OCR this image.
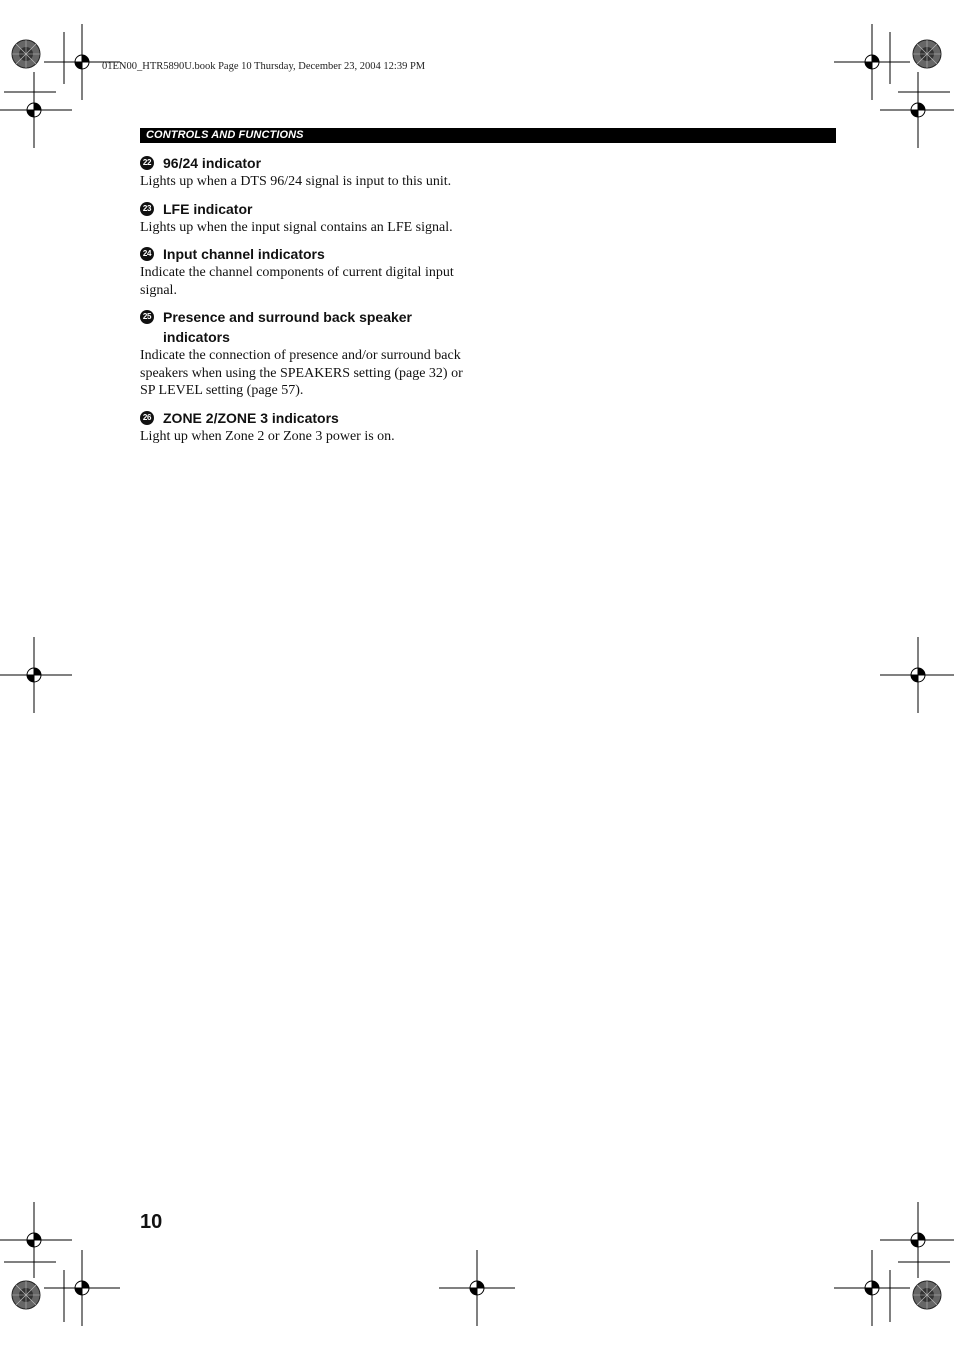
01EN00_HTR5890U.book Page 10 Thursday, December 23, 2004 12:39 PM
CONTROLS AND FUNCTIONS
22 96/24 indicator
Lights up when a DTS 96/24 signal is input to this unit.
23 LFE indicator
Lights up when the input signal contains an LFE signal.
24 Input channel indicators
Indicate the channel components of current digital input signal.
25 Presence and surround back speaker indicators
Indicate the connection of presence and/or surround back speakers when using the SPEAKERS setting (page 32) or SP LEVEL setting (page 57).
26 ZONE 2/ZONE 3 indicators
Light up when Zone 2 or Zone 3 power is on.
10
